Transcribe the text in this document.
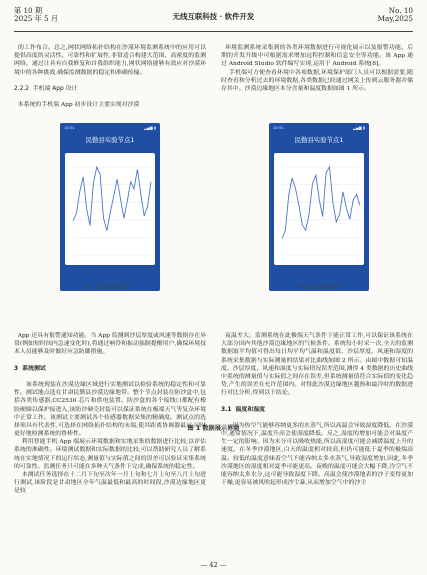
第 10 期
2025 年 5 月	无线互联科技 · 软件开发
No. 10
May,2025

的工作布合。总之,网状网络拓扑结构在沙漠环境监测系统中的应用可以提供高度的灵活性、可靠性和扩展性,非常适合构建大范围、高密度的监测网络。通过让具有自我修复和自我组织能力,网状网络能够有效应对沙漠环境中的各种挑战,确保监测数据的稳定和准确传输。

2.2.2  手机端 App 设计

本系统的手机端 App 初步设计主要实现对沙漠

环境监测系统采集到的各类环境数据进行可视化展示以及报警功能。后期的开发升级中可根据需求增加远程控制和信息安全等功能。该 App 通过 Android Studio 软件编写实现,运用于 Android 系统[8]。
手机端可方便查看环境中各项数据,环境保护部门人员可以根据需要,随时查看和分析过去的环境数据,各类数据已经通过网关上传到云服务器并储存其中。沙漠边缘地区本分含量和温度数据如图 1 所示。

10:51	▂▄▆ ▮
民勤县实验节点1
(a) 土壤湿度数据展示
10:51	▂▄▆ ▮
民勤县实验节点1
(b) 空气温度数据展示
图 1 数据展示界面

App 还具有报警通知功能。当 App 监测到沙层厚度或风速等数据存在异常(例如短时间内急速变化时),将通过响铃和振动强制提醒用户,确保环境技术人员能够及时做好应急防御措施。

3  系统测试

该系统现装在沙漠边缘区域进行实地测试以检验系统的稳定性和可靠性。测试地点选在甘肃民勤县沙漠边缘地带。整个节点封装在防沙盒中,包括各类传感器,CC2530 芯片和供电装置。防沙盒的各个接线口都配有橡胶硬圈以保护接进入,该防沙硬壳封装可以保证系统在极端天气等复杂环境中正常工作。该测试主要测试各个传感器数据采集的精确度。测试点的选择须具有代表性,可选择在网络拓扑结构的末端,使其距离协调器最远,同时更好地检测系统的鲁棒性。
利用智能手机 App 端展示环境数据和实地采集的数据进行比较,以评估系统的准确性。环境测试数据和实际数据的比较,可以帮助研究人员了解系统在实地情况下的运行状态,测量值与实际值之间的误差可以验证采集系统的可靠性。监测任务只可能在多种天气条件下完成,确保系统的稳定性。
本测试任务选择在十二月下旬至次年一月上旬和七月上旬至八月上旬进行测试,该阶段是甘肃地区全年气温最低和最高的时间段,沙漠边缘地区更是较

夜温差大。监测系统在此极端天气条件下能正常工作,可以保证该系统在大部分国内其他沙漠边缘地区的气候条件。系统每小时采一次,全天的监测数据取平均值可得出每日均平均气温和温度值、沙层厚度、风速和湿度的系统采集数据与实际测量的结果对比曲线如图 2 所示。由图中数据可知温度、沙层厚度、风速和湿度与实际情况误差范围,测得 4 类数据的历史曲线中系统的测量值与实际值之间存在误差,但系统测量值符合实际值的变化趋势,产生的误差在允许范围内。对得此沙漠边缘地区越热和最冷时的数据进行对比分析,得到以下结论。

3.1  温度和湿度

因为热空气能够容纳更多的水蒸气,所以高温会导致湿度降低。在沙漠中,通常情况下,温度升高会使湿度降低。反之,湿度的增加可能会对温度产生一定的影响。因为水分可以吸收热能,所以高湿度可能会减缓温度上升的速度。在冬季沙漠地区,白天的温度相对较高,但仍可能低于夏季的极端高温。较低的温度意味着空气不能容纳太多水蒸气,导致湿度增加,因此,冬季沙漠地区的湿度相对夏季可能更高。夜晚的温度可能会大幅下降,冷空气不能容纳太多水分,这可能导致湿度下降。高温会使沙漠地表的沙子变得更加干燥,更容易被风吹起形成沙尘暴,从而增加空气中的沙尘

— 42 —
